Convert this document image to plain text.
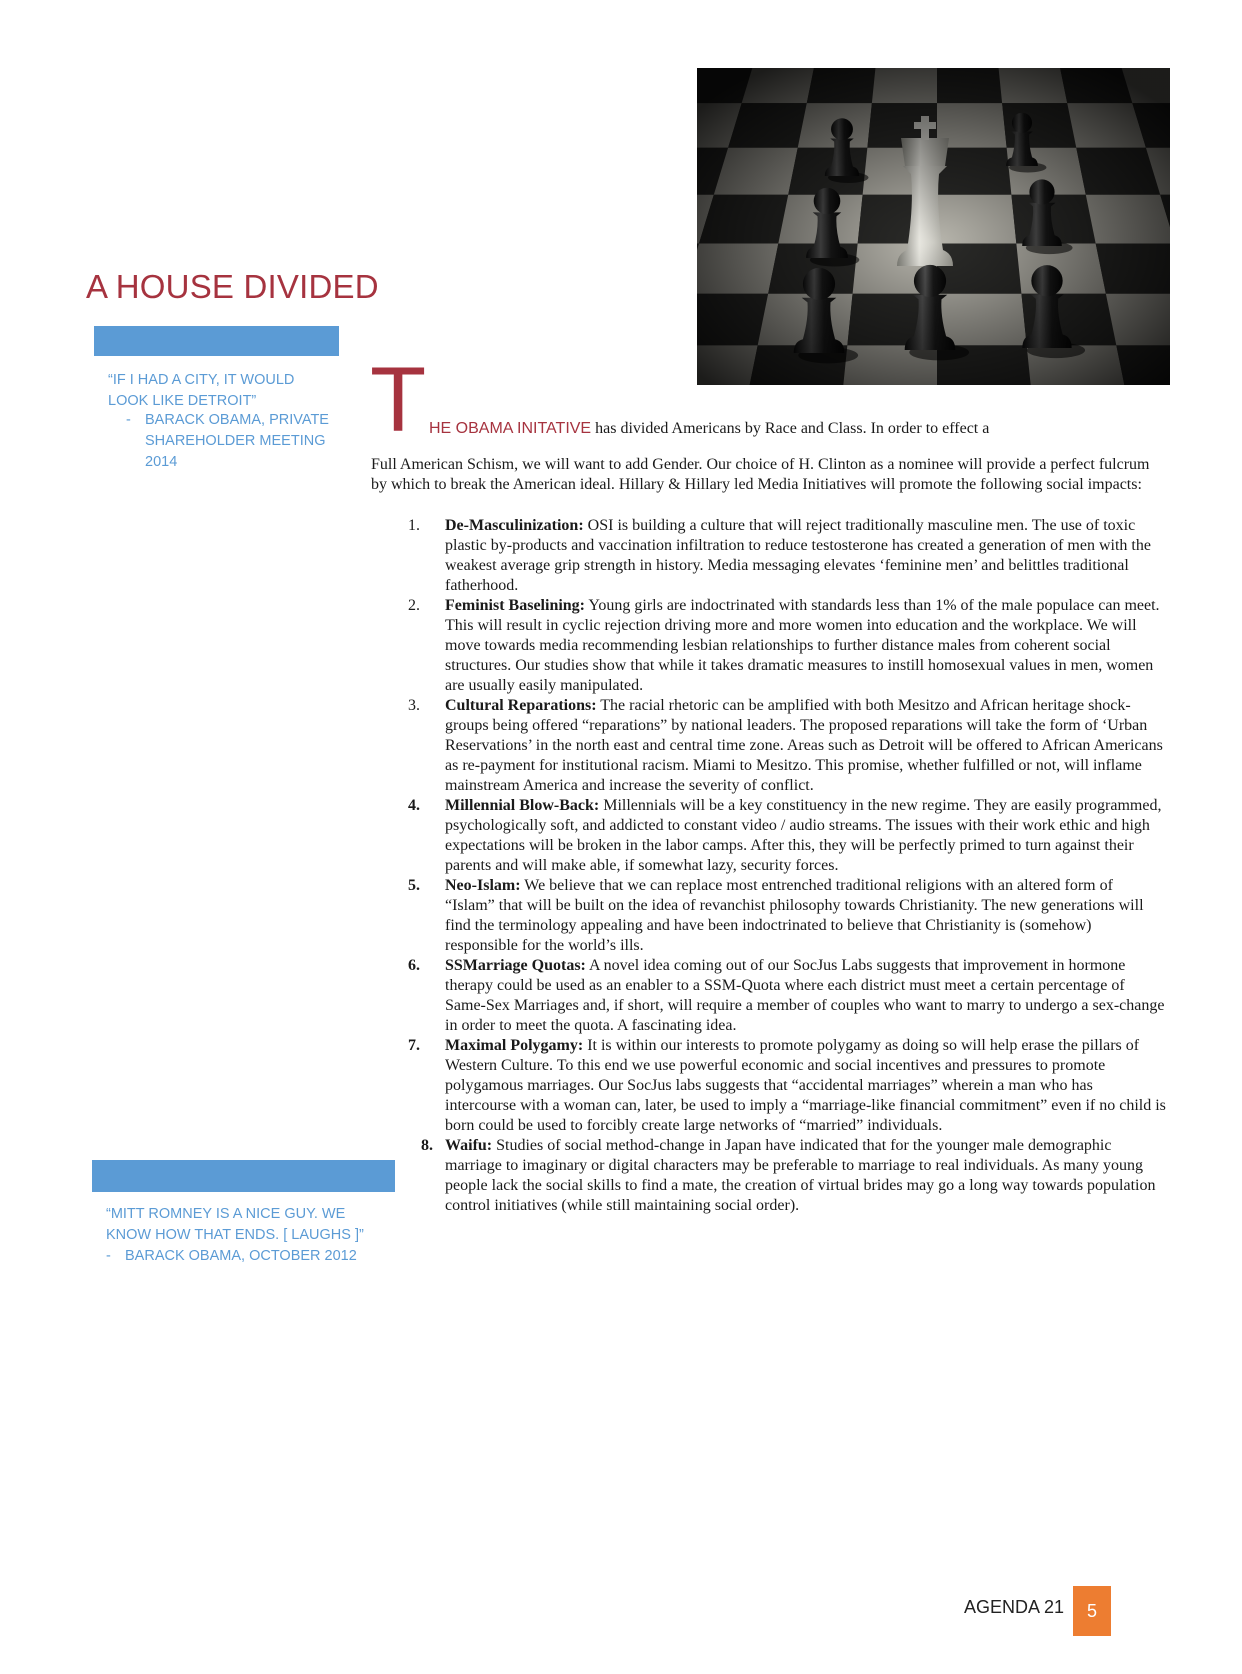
A HOUSE DIVIDED
“IF I HAD A CITY, IT WOULD LOOK LIKE DETROIT”
- BARACK OBAMA, PRIVATE SHAREHOLDER MEETING 2014
“MITT ROMNEY IS A NICE GUY. WE KNOW HOW THAT ENDS. [ LAUGHS ]”
- BARACK OBAMA, OCTOBER 2012
T HE OBAMA INITATIVE has divided Americans by Race and Class. In order to effect a
Full American Schism, we will want to add Gender. Our choice of H. Clinton as a nominee will provide a perfect fulcrum by which to break the American ideal. Hillary & Hillary led Media Initiatives will promote the following social impacts:

1. De-Masculinization: OSI is building a culture that will reject traditionally masculine men. The use of toxic plastic by-products and vaccination infiltration to reduce testosterone has created a generation of men with the weakest average grip strength in history. Media messaging elevates ‘feminine men’ and belittles traditional fatherhood.

2. Feminist Baselining: Young girls are indoctrinated with standards less than 1% of the male populace can meet. This will result in cyclic rejection driving more and more women into education and the workplace. We will move towards media recommending lesbian relationships to further distance males from coherent social structures. Our studies show that while it takes dramatic measures to instill homosexual values in men, women are usually easily manipulated.

3. Cultural Reparations: The racial rhetoric can be amplified with both Mesitzo and African heritage shock-groups being offered “reparations” by national leaders. The proposed reparations will take the form of ‘Urban Reservations’ in the north east and central time zone. Areas such as Detroit will be offered to African Americans as re-payment for institutional racism. Miami to Mesitzo. This promise, whether fulfilled or not, will inflame mainstream America and increase the severity of conflict.

4. Millennial Blow-Back: Millennials will be a key constituency in the new regime. They are easily programmed, psychologically soft, and addicted to constant video / audio streams. The issues with their work ethic and high expectations will be broken in the labor camps. After this, they will be perfectly primed to turn against their parents and will make able, if somewhat lazy, security forces.

5. Neo-Islam: We believe that we can replace most entrenched traditional religions with an altered form of “Islam” that will be built on the idea of revanchist philosophy towards Christianity. The new generations will find the terminology appealing and have been indoctrinated to believe that Christianity is (somehow) responsible for the world’s ills.

6. SSMarriage Quotas: A novel idea coming out of our SocJus Labs suggests that improvement in hormone therapy could be used as an enabler to a SSM-Quota where each district must meet a certain percentage of Same-Sex Marriages and, if short, will require a member of couples who want to marry to undergo a sex-change in order to meet the quota. A fascinating idea.

7. Maximal Polygamy: It is within our interests to promote polygamy as doing so will help erase the pillars of Western Culture. To this end we use powerful economic and social incentives and pressures to promote polygamous marriages. Our SocJus labs suggests that “accidental marriages” wherein a man who has intercourse with a woman can, later, be used to imply a “marriage-like financial commitment” even if no child is born could be used to forcibly create large networks of “married” individuals.

8. Waifu: Studies of social method-change in Japan have indicated that for the younger male demographic marriage to imaginary or digital characters may be preferable to marriage to real individuals. As many young people lack the social skills to find a mate, the creation of virtual brides may go a long way towards population control initiatives (while still maintaining social order).

AGENDA 21	5
